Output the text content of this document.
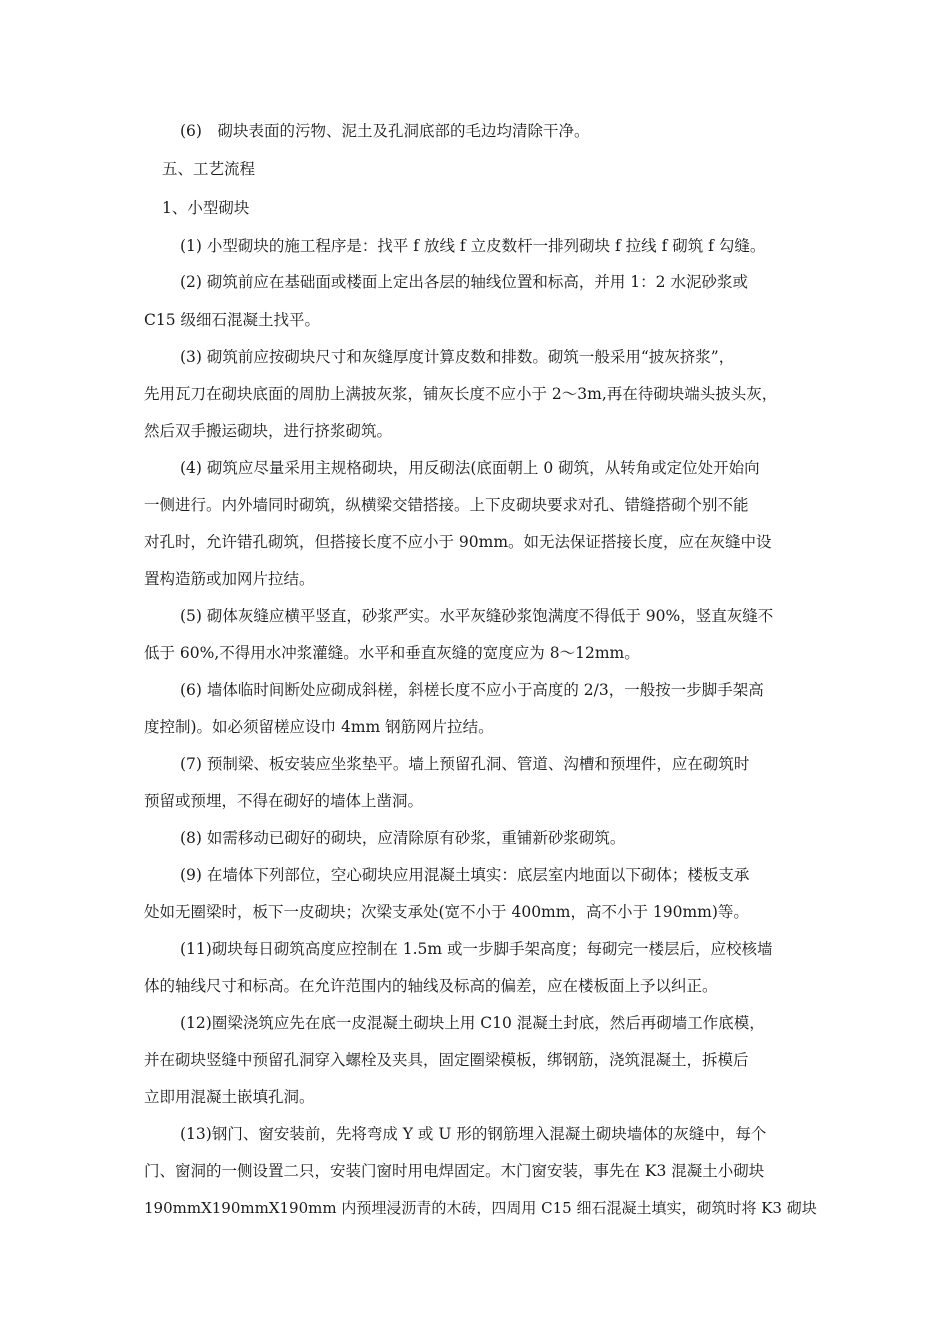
(6)　砌块表面的污物、泥土及孔洞底部的毛边均清除干净。
五、工艺流程
1、小型砌块
(1) 小型砌块的施工程序是：找平 f 放线 f 立皮数杆一排列砌块 f 拉线 f 砌筑 f 勾缝。
(2) 砌筑前应在基础面或楼面上定出各层的轴线位置和标高，并用 1：2 水泥砂浆或
C15 级细石混凝土找平。
(3) 砌筑前应按砌块尺寸和灰缝厚度计算皮数和排数。砌筑一般采用“披灰挤浆”，
先用瓦刀在砌块底面的周肋上满披灰浆，铺灰长度不应小于 2〜3m,再在待砌块端头披头灰，
然后双手搬运砌块，进行挤浆砌筑。
(4) 砌筑应尽量采用主规格砌块，用反砌法(底面朝上 0 砌筑，从转角或定位处开始向
一侧进行。内外墙同时砌筑，纵横梁交错搭接。上下皮砌块要求对孔、错缝搭砌个别不能
对孔时，允许错孔砌筑，但搭接长度不应小于 90mm。如无法保证搭接长度，应在灰缝中设
置构造筋或加网片拉结。
(5) 砌体灰缝应横平竖直，砂浆严实。水平灰缝砂浆饱满度不得低于 90%，竖直灰缝不
低于 60%,不得用水冲浆灌缝。水平和垂直灰缝的宽度应为 8〜12mm。
(6) 墙体临时间断处应砌成斜槎，斜槎长度不应小于高度的 2/3，一般按一步脚手架高
度控制)。如必须留槎应设巾 4mm 钢筋网片拉结。
(7) 预制梁、板安装应坐浆垫平。墙上预留孔洞、管道、沟槽和预埋件，应在砌筑时
预留或预埋，不得在砌好的墙体上凿洞。
(8) 如需移动已砌好的砌块，应清除原有砂浆，重铺新砂浆砌筑。
(9) 在墙体下列部位，空心砌块应用混凝土填实：底层室内地面以下砌体；楼板支承
处如无圈梁时，板下一皮砌块；次梁支承处(宽不小于 400mm，高不小于 190mm)等。
(11)砌块每日砌筑高度应控制在 1.5m 或一步脚手架高度；每砌完一楼层后，应校核墙
体的轴线尺寸和标高。在允许范围内的轴线及标高的偏差，应在楼板面上予以纠正。
(12)圈梁浇筑应先在底一皮混凝土砌块上用 C10 混凝土封底，然后再砌墙工作底模，
并在砌块竖缝中预留孔洞穿入螺栓及夹具，固定圈梁模板，绑钢筋，浇筑混凝土，拆模后
立即用混凝土嵌填孔洞。
(13)钢门、窗安装前，先将弯成 Y 或 U 形的钢筋埋入混凝土砌块墙体的灰缝中，每个
门、窗洞的一侧设置二只，安装门窗时用电焊固定。木门窗安装，事先在 K3 混凝土小砌块
190mmX190mmX190mm 内预埋浸沥青的木砖，四周用 C15 细石混凝土填实，砌筑时将 K3 砌块
